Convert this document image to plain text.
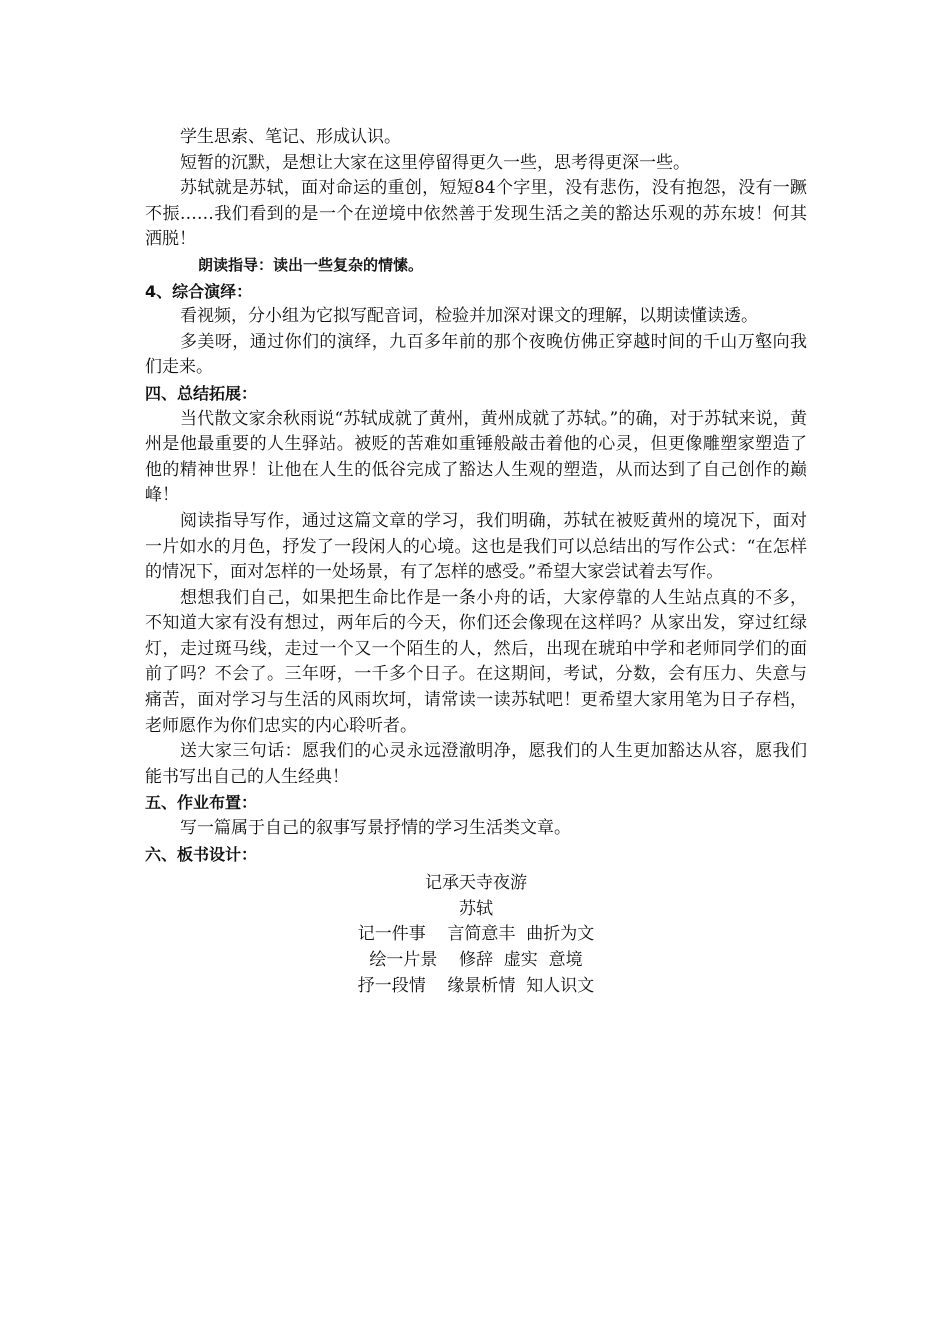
学生思索、笔记、形成认识。

短暂的沉默，是想让大家在这里停留得更久一些，思考得更深一些。

苏轼就是苏轼，面对命运的重创，短短84个字里，没有悲伤，没有抱怨，没有一蹶不振……我们看到的是一个在逆境中依然善于发现生活之美的豁达乐观的苏东坡！何其洒脱！

朗读指导：读出一些复杂的情愫。

4、综合演绎：

看视频，分小组为它拟写配音词，检验并加深对课文的理解，以期读懂读透。

多美呀，通过你们的演绎，九百多年前的那个夜晚仿佛正穿越时间的千山万壑向我们走来。

四、总结拓展：

当代散文家余秋雨说“苏轼成就了黄州，黄州成就了苏轼。”的确，对于苏轼来说，黄州是他最重要的人生驿站。被贬的苦难如重锤般敲击着他的心灵，但更像雕塑家塑造了他的精神世界！让他在人生的低谷完成了豁达人生观的塑造，从而达到了自己创作的巅峰！

阅读指导写作，通过这篇文章的学习，我们明确，苏轼在被贬黄州的境况下，面对一片如水的月色，抒发了一段闲人的心境。这也是我们可以总结出的写作公式：“在怎样的情况下，面对怎样的一处场景，有了怎样的感受。”希望大家尝试着去写作。

想想我们自己，如果把生命比作是一条小舟的话，大家停靠的人生站点真的不多，不知道大家有没有想过，两年后的今天，你们还会像现在这样吗？从家出发，穿过红绿灯，走过斑马线，走过一个又一个陌生的人，然后，出现在琥珀中学和老师同学们的面前了吗？不会了。三年呀，一千多个日子。在这期间，考试，分数，会有压力、失意与痛苦，面对学习与生活的风雨坎坷，请常读一读苏轼吧！更希望大家用笔为日子存档，老师愿作为你们忠实的内心聆听者。

送大家三句话：愿我们的心灵永远澄澈明净，愿我们的人生更加豁达从容，愿我们能书写出自己的人生经典！

五、作业布置：

写一篇属于自己的叙事写景抒情的学习生活类文章。

六、板书设计：

记承天寺夜游
苏轼
记一件事    言简意丰  曲折为文
绘一片景    修辞  虚实  意境
抒一段情    缘景析情  知人识文
